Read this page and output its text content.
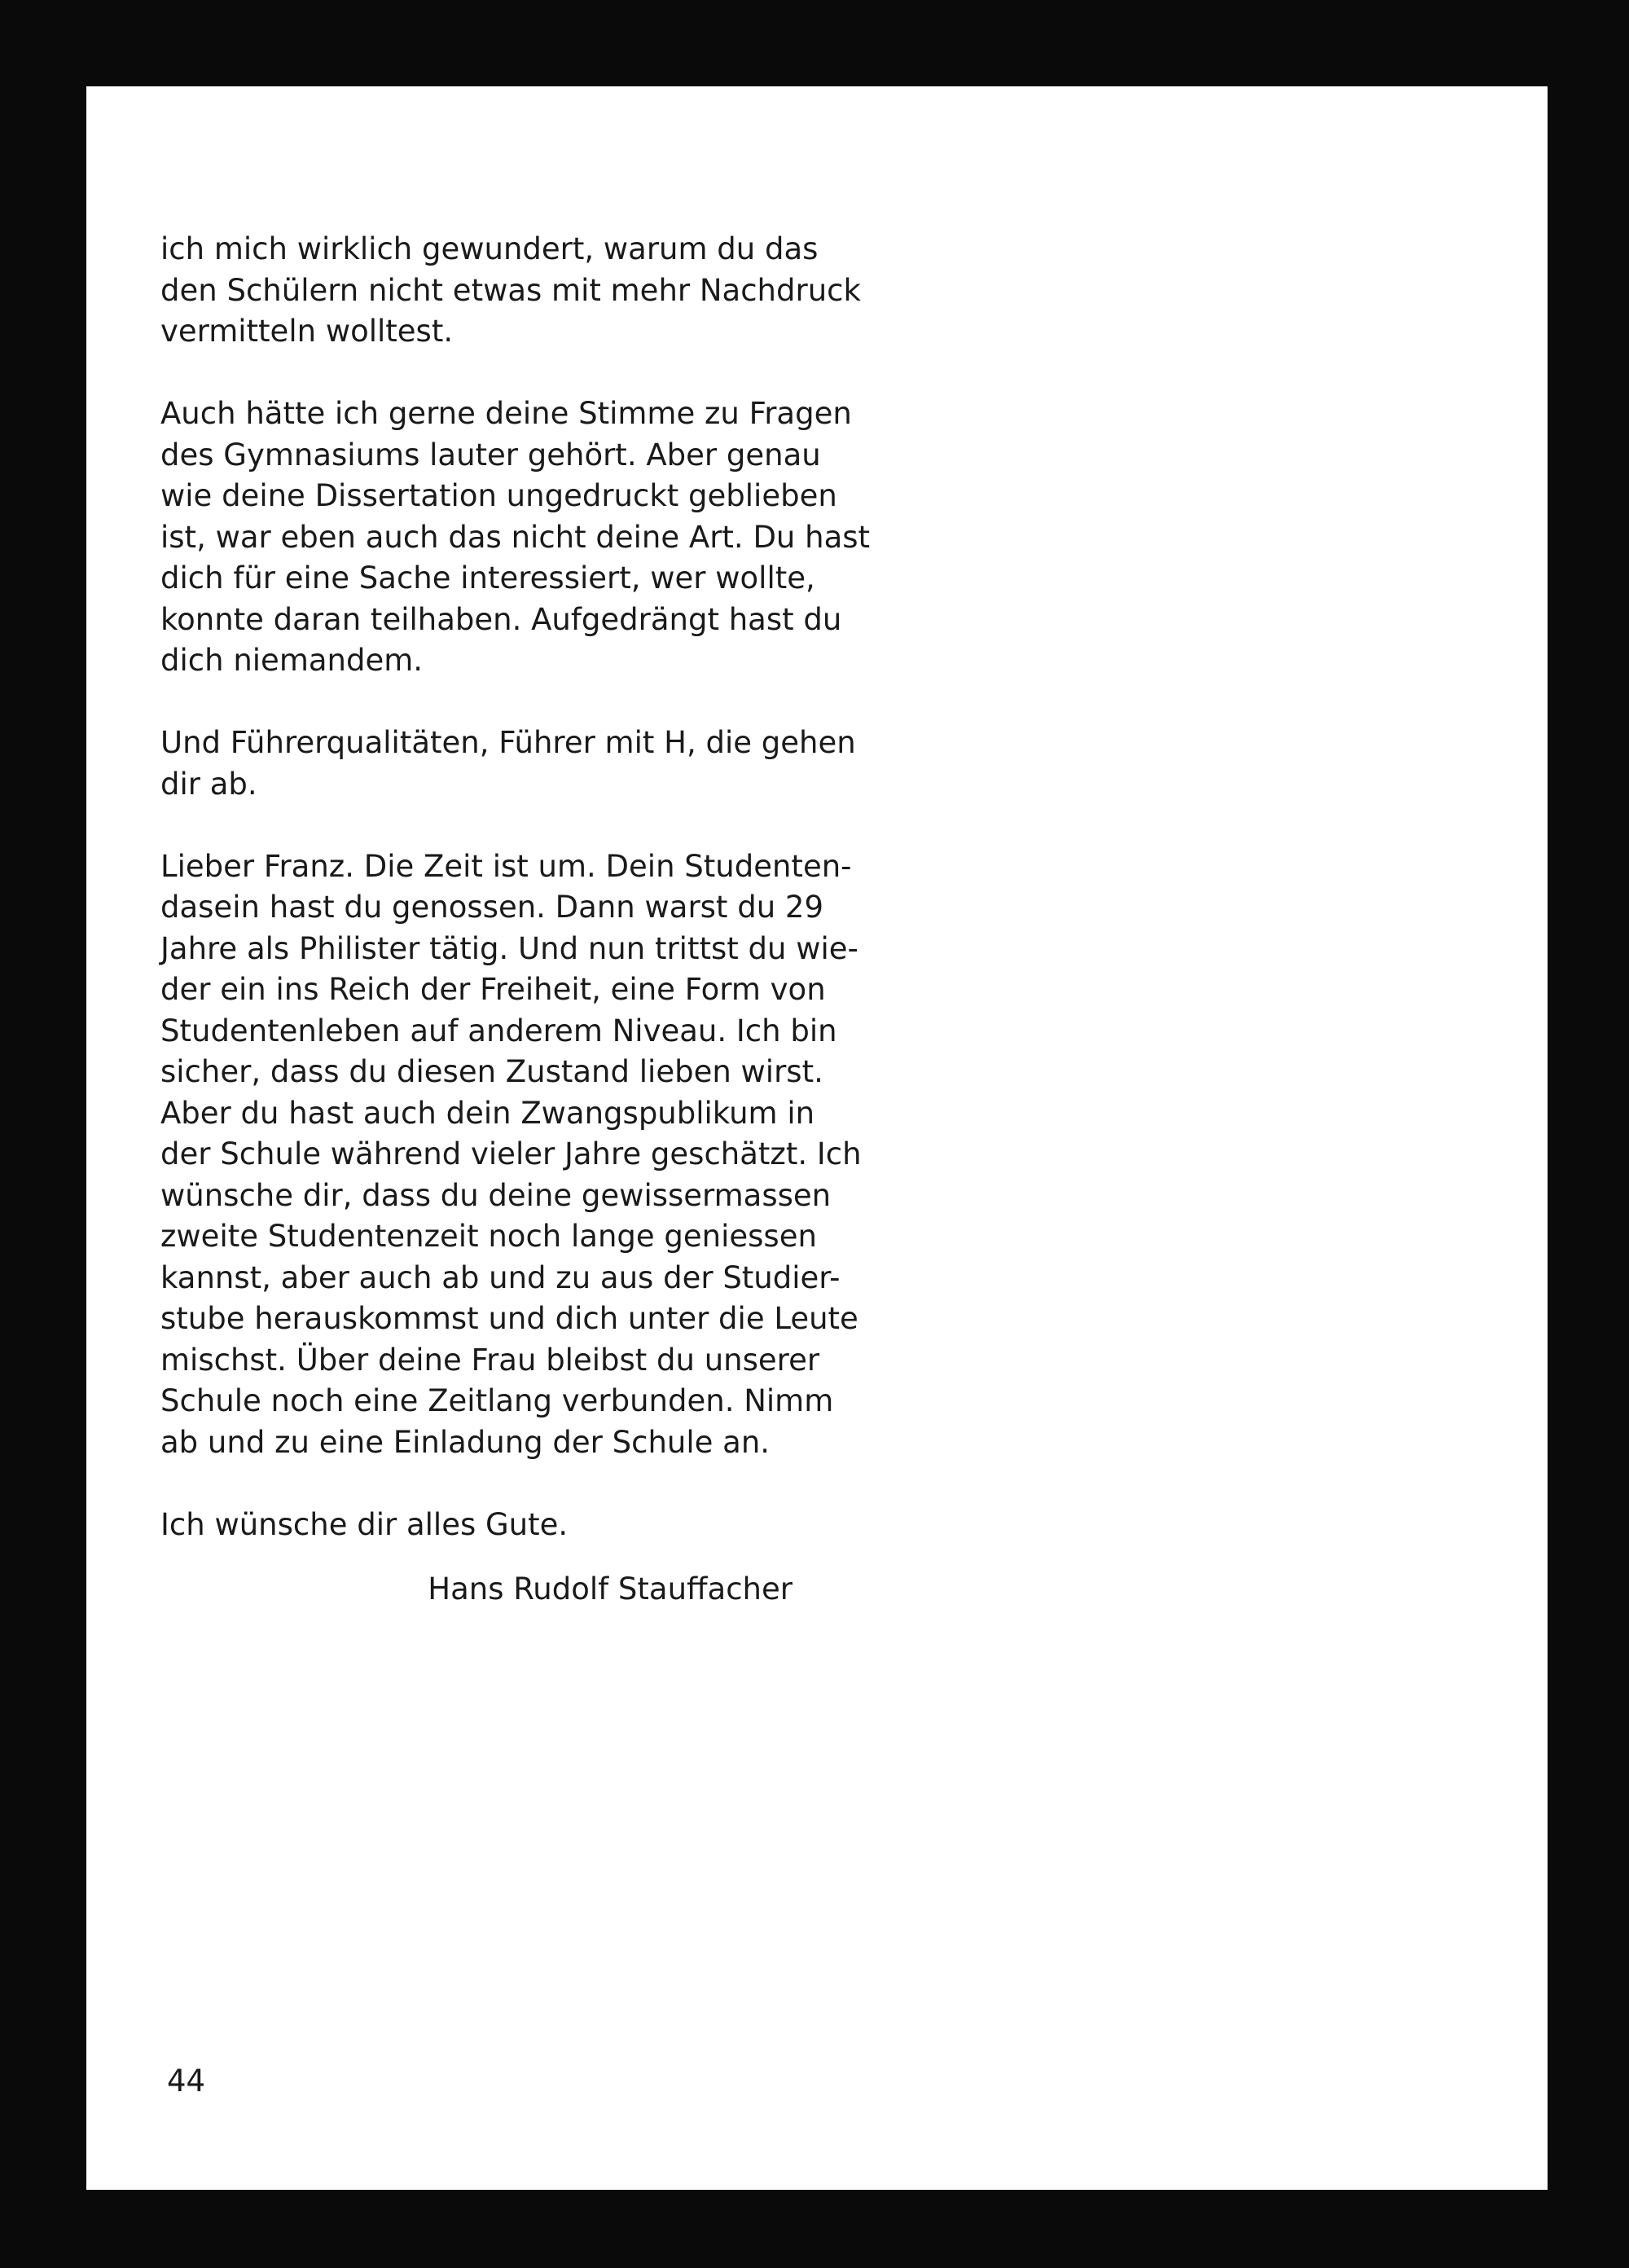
ich mich wirklich gewundert, warum du das
den Schülern nicht etwas mit mehr Nachdruck
vermitteln wolltest.

Auch hätte ich gerne deine Stimme zu Fragen
des Gymnasiums lauter gehört. Aber genau
wie deine Dissertation ungedruckt geblieben
ist, war eben auch das nicht deine Art. Du hast
dich für eine Sache interessiert, wer wollte,
konnte daran teilhaben. Aufgedrängt hast du
dich niemandem.

Und Führerqualitäten, Führer mit H, die gehen
dir ab.

Lieber Franz. Die Zeit ist um. Dein Studenten-
dasein hast du genossen. Dann warst du 29
Jahre als Philister tätig. Und nun trittst du wie-
der ein ins Reich der Freiheit, eine Form von
Studentenleben auf anderem Niveau. Ich bin
sicher, dass du diesen Zustand lieben wirst.
Aber du hast auch dein Zwangspublikum in
der Schule während vieler Jahre geschätzt. Ich
wünsche dir, dass du deine gewissermassen
zweite Studentenzeit noch lange geniessen
kannst, aber auch ab und zu aus der Studier-
stube herauskommst und dich unter die Leute
mischst. Über deine Frau bleibst du unserer
Schule noch eine Zeitlang verbunden. Nimm
ab und zu eine Einladung der Schule an.

Ich wünsche dir alles Gute.

Hans Rudolf Stauffacher
44
